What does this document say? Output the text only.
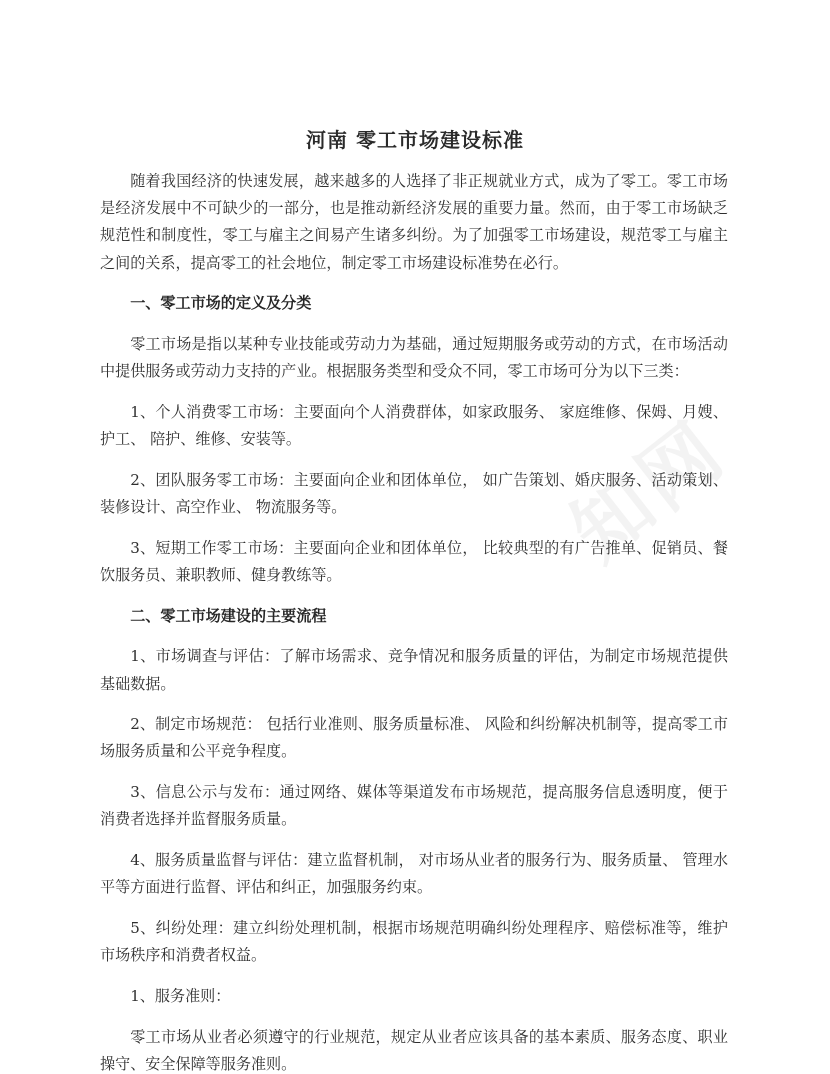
河南 零工市场建设标准

随着我国经济的快速发展，越来越多的人选择了非正规就业方式，成为了零工。零工市场是经济发展中不可缺少的一部分，也是推动新经济发展的重要力量。然而，由于零工市场缺乏规范性和制度性，零工与雇主之间易产生诸多纠纷。为了加强零工市场建设，规范零工与雇主之间的关系，提高零工的社会地位，制定零工市场建设标准势在必行。

一、零工市场的定义及分类

零工市场是指以某种专业技能或劳动力为基础，通过短期服务或劳动的方式，在市场活动中提供服务或劳动力支持的产业。根据服务类型和受众不同，零工市场可分为以下三类：

1、个人消费零工市场：主要面向个人消费群体，如家政服务、 家庭维修、保姆、月嫂、护工、 陪护、维修、安装等。

2、团队服务零工市场：主要面向企业和团体单位， 如广告策划、婚庆服务、活动策划、装修设计、高空作业、 物流服务等。

3、短期工作零工市场：主要面向企业和团体单位， 比较典型的有广告推单、促销员、餐饮服务员、兼职教师、健身教练等。

二、零工市场建设的主要流程

1、市场调查与评估：了解市场需求、竞争情况和服务质量的评估，为制定市场规范提供基础数据。

2、制定市场规范： 包括行业准则、服务质量标准、 风险和纠纷解决机制等，提高零工市场服务质量和公平竞争程度。

3、信息公示与发布：通过网络、媒体等渠道发布市场规范，提高服务信息透明度，便于消费者选择并监督服务质量。

4、服务质量监督与评估：建立监督机制， 对市场从业者的服务行为、服务质量、 管理水平等方面进行监督、评估和纠正，加强服务约束。

5、纠纷处理：建立纠纷处理机制，根据市场规范明确纠纷处理程序、赔偿标准等，维护市场秩序和消费者权益。

1、服务准则：

零工市场从业者必须遵守的行业规范，规定从业者应该具备的基本素质、服务态度、职业操守、安全保障等服务准则。
